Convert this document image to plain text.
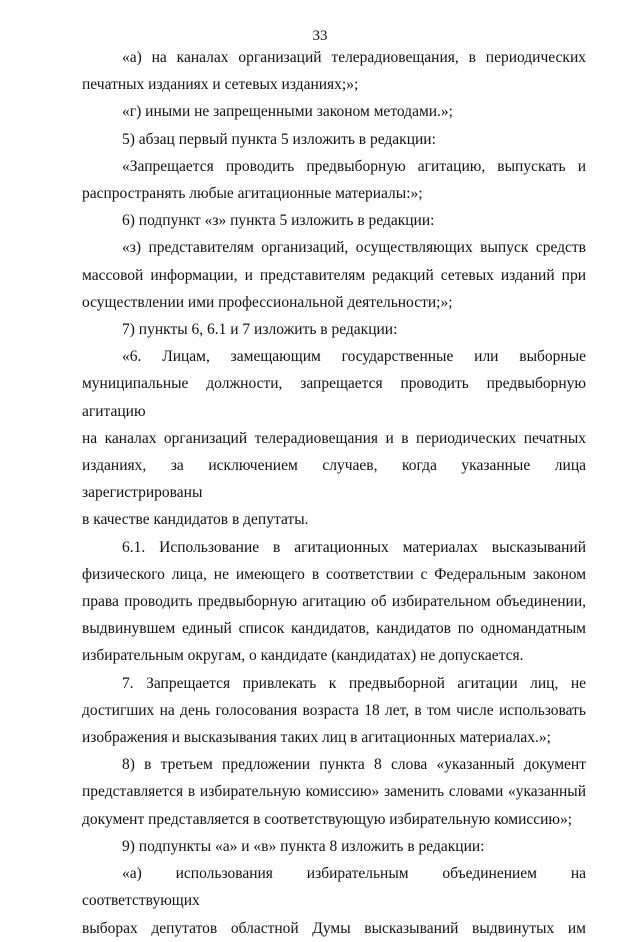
33

«а) на каналах организаций телерадиовещания, в периодических

печатных изданиях и сетевых изданиях;»;

«г) иными не запрещенными законом методами.»;

5) абзац первый пункта 5 изложить в редакции:

«Запрещается проводить предвыборную агитацию, выпускать и

распространять любые агитационные материалы:»;

6) подпункт «з» пункта 5 изложить в редакции:

«з) представителям организаций, осуществляющих выпуск средств

массовой информации, и представителям редакций сетевых изданий при

осуществлении ими профессиональной деятельности;»;

7) пункты 6, 6.1 и 7 изложить в редакции:

«6. Лицам, замещающим государственные или выборные

муниципальные должности, запрещается проводить предвыборную агитацию

на каналах организаций телерадиовещания и в периодических печатных

изданиях, за исключением случаев, когда указанные лица зарегистрированы

в качестве кандидатов в депутаты.

6.1. Использование в агитационных материалах высказываний

физического лица, не имеющего в соответствии с Федеральным законом

права проводить предвыборную агитацию об избирательном объединении,

выдвинувшем единый список кандидатов, кандидатов по одномандатным

избирательным округам, о кандидате (кандидатах) не допускается.

7. Запрещается привлекать к предвыборной агитации лиц, не

достигших на день голосования возраста 18 лет, в том числе использовать

изображения и высказывания таких лиц в агитационных материалах.»;

8) в третьем предложении пункта 8 слова «указанный документ

представляется в избирательную комиссию» заменить словами «указанный

документ представляется в соответствующую избирательную комиссию»;

9) подпункты «а» и «в» пункта 8 изложить в редакции:

«а) использования избирательным объединением на соответствующих

выборах депутатов областной Думы высказываний выдвинутых им
